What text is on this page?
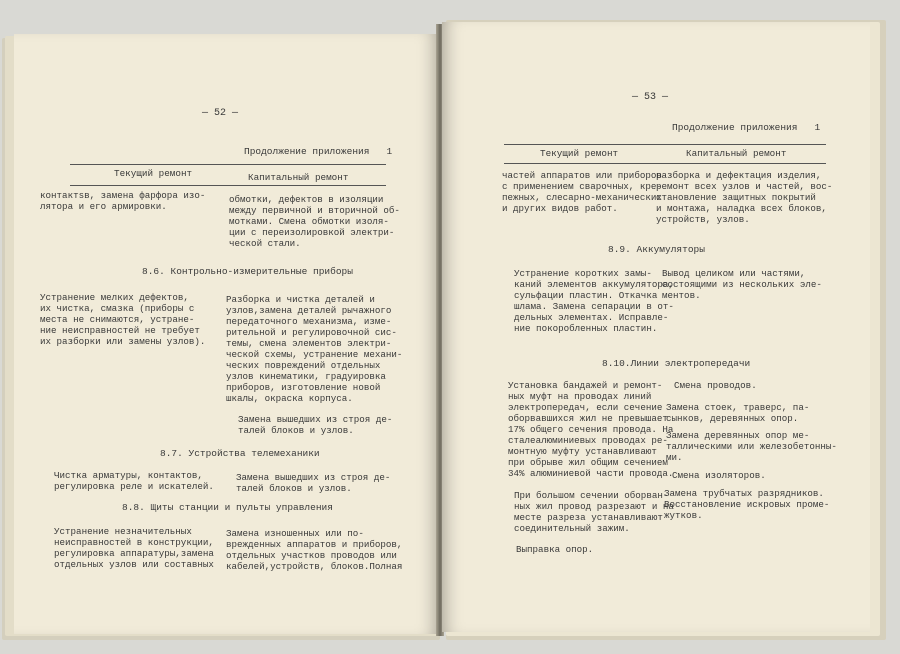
— 52 —
Продолжение приложения   1
Текущий ремонт	Капитальный ремонт
контактsв, замена фарфора изо-
лятора и его армировки.
обмотки, дефектов в изоляции
между первичной и вторичной об-
мотками. Смена обмотки изоля-
ции с переизолировкой электри-
ческой стали.
8.6. Контрольно-измерительные приборы
Устранение мелких дефектов,
их чистка, смазка (приборы с
места не снимаются, устране-
ние неисправностей не требует
их разборки или замены узлов).
Разборка и чистка деталей и
узлов,замена деталей рычажного
передаточного механизма, изме-
рительной и регулировочной сис-
темы, смена элементов электри-
ческой схемы, устранение механи-
ческих повреждений отдельных
узлов кинематики, градуировка
приборов, изготовление новой
шкалы, окраска корпуса.
Замена вышедших из строя де-
талей блоков и узлов.
8.7. Устройства телемеханики
Чистка арматуры, контактов,
регулировка реле и искателей.
Замена вышедших из строя де-
талей блоков и узлов.
8.8. Щиты станции и пульты управления
Устранение незначительных
неисправностей в конструкции,
регулировка аппаратуры,замена
отдельных узлов или составных
Замена изношенных или по-
врежденных аппаратов и приборов,
отдельных участков проводов или
кабелей,устройств, блоков.Полная
— 53 —
Продолжение приложения   1
Текущий ремонт	Капитальный ремонт
частей аппаратов или приборов
с применением сварочных, кре-
пежных, слесарно-механических
и других видов работ.
разборка и дефектация изделия,
ремонт всех узлов и частей, вос-
становление защитных покрытий
и монтажа, наладка всех блоков,
устройств, узлов.
8.9. Аккумуляторы
Устранение коротких замы-
каний элементов аккумулятора,
сульфации пластин. Откачка
шлама. Замена сепарации в от-
дельных элементах. Исправле-
ние покоробленных пластин.
Вывод целиком или частями,
состоящими из нескольких эле-
ментов.
8.10.Линии электропередачи
Установка бандажей и ремонт-
ных муфт на проводах линий
электропередач, если сечение
оборвавшихся жил не превышает
17% общего сечения провода. На
сталеалюминиевых проводах ре-
монтную муфту устанавливают
при обрыве жил общим сечением
34% алюминиевой части провода.
При большом сечении оборван-
ных жил провод разрезают и на
месте разреза устанавливают
соединительный зажим.
Выправка опор.
Смена проводов.
Замена стоек, траверс, па-
сынков, деревянных опор.
Замена деревянных опор ме-
таллическими или железобетонны-
ми.
Смена изоляторов.
Замена трубчатых разрядников.
Восстановление искровых проме-
жутков.
